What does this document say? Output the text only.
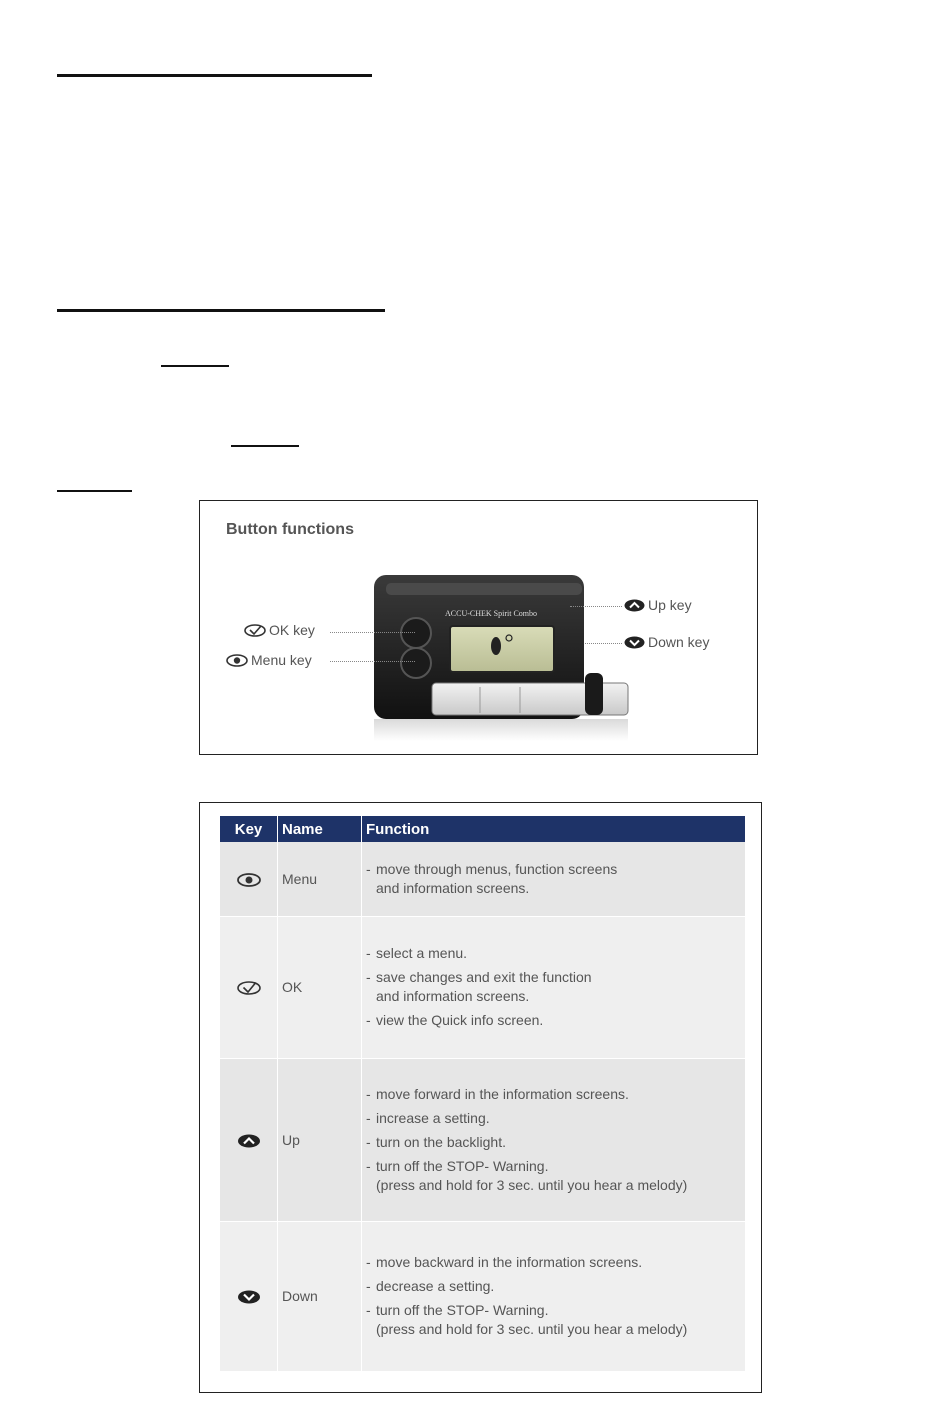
Button functions
ACCU-CHEK Spirit Combo
OK key
Menu key
Up key
Down key
Key	Name	Function
	Menu	- move through menus, function screens
and information screens.

	OK	- select a menu.
- save changes and exit the function
and information screens.
- view the Quick info screen.

	Up	- move forward in the information screens.
- increase a setting.
- turn on the backlight.
- turn off the STOP- Warning.
(press and hold for 3 sec. until you hear a melody)

	Down	- move backward in the information screens.
- decrease a setting.
- turn off the STOP- Warning.
(press and hold for 3 sec. until you hear a melody)
